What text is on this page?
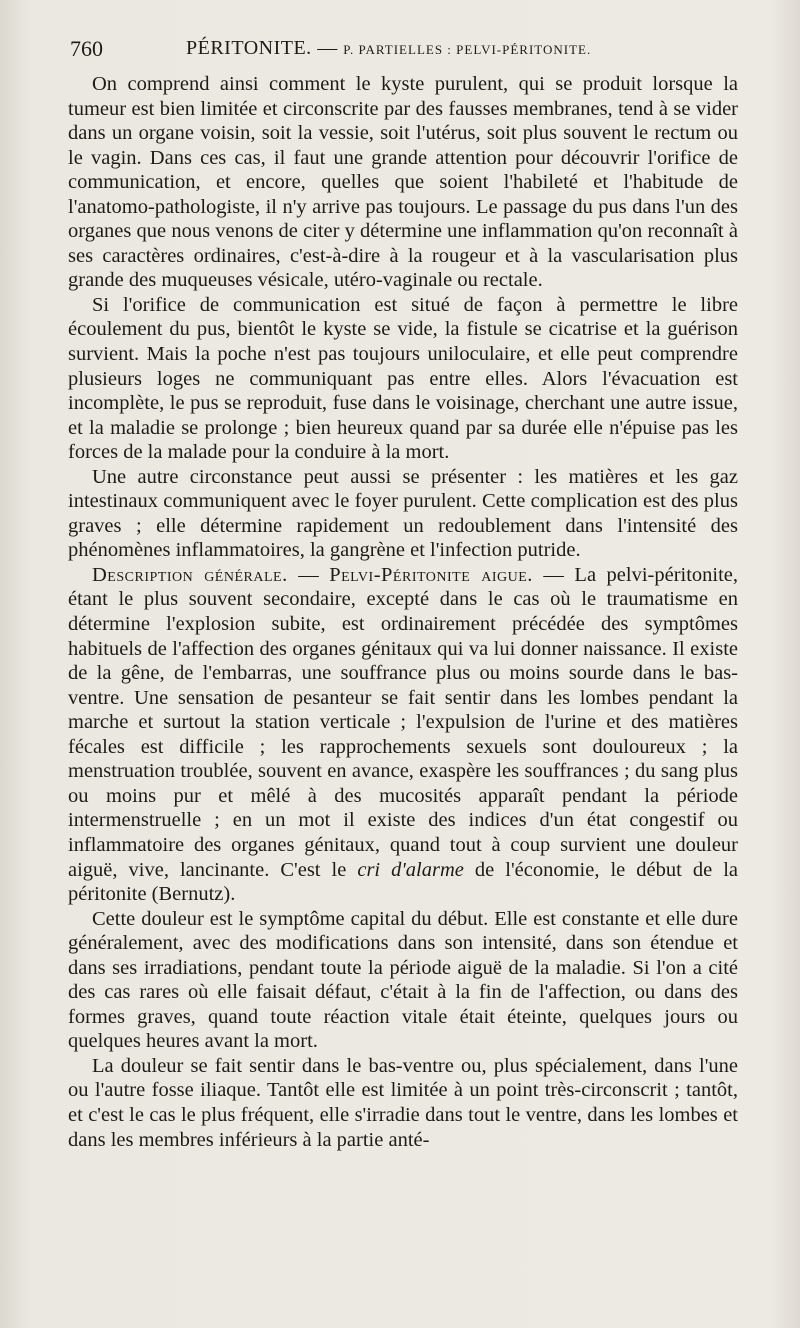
760	PÉRITONITE. — P. PARTIELLES : PELVI-PÉRITONITE.

On comprend ainsi comment le kyste purulent, qui se produit lorsque la tumeur est bien limitée et circonscrite par des fausses membranes, tend à se vider dans un organe voisin, soit la vessie, soit l'utérus, soit plus souvent le rectum ou le vagin. Dans ces cas, il faut une grande attention pour découvrir l'orifice de communication, et encore, quelles que soient l'habileté et l'habitude de l'anatomo-pathologiste, il n'y arrive pas toujours. Le passage du pus dans l'un des organes que nous venons de citer y détermine une inflammation qu'on reconnaît à ses caractères ordinaires, c'est-à-dire à la rougeur et à la vascularisation plus grande des muqueuses vésicale, utéro-vaginale ou rectale.

Si l'orifice de communication est situé de façon à permettre le libre écoulement du pus, bientôt le kyste se vide, la fistule se cicatrise et la guérison survient. Mais la poche n'est pas toujours uniloculaire, et elle peut comprendre plusieurs loges ne communiquant pas entre elles. Alors l'évacuation est incomplète, le pus se reproduit, fuse dans le voisinage, cherchant une autre issue, et la maladie se prolonge ; bien heureux quand par sa durée elle n'épuise pas les forces de la malade pour la conduire à la mort.

Une autre circonstance peut aussi se présenter : les matières et les gaz intestinaux communiquent avec le foyer purulent. Cette complication est des plus graves ; elle détermine rapidement un redoublement dans l'intensité des phénomènes inflammatoires, la gangrène et l'infection putride.

Description générale. — Pelvi-Péritonite aigue. — La pelvi-péritonite, étant le plus souvent secondaire, excepté dans le cas où le traumatisme en détermine l'explosion subite, est ordinairement précédée des symptômes habituels de l'affection des organes génitaux qui va lui donner naissance. Il existe de la gêne, de l'embarras, une souffrance plus ou moins sourde dans le bas-ventre. Une sensation de pesanteur se fait sentir dans les lombes pendant la marche et surtout la station verticale ; l'expulsion de l'urine et des matières fécales est difficile ; les rapprochements sexuels sont douloureux ; la menstruation troublée, souvent en avance, exaspère les souffrances ; du sang plus ou moins pur et mêlé à des mucosités apparaît pendant la période intermenstruelle ; en un mot il existe des indices d'un état congestif ou inflammatoire des organes génitaux, quand tout à coup survient une douleur aiguë, vive, lancinante. C'est le cri d'alarme de l'économie, le début de la péritonite (Bernutz).

Cette douleur est le symptôme capital du début. Elle est constante et elle dure généralement, avec des modifications dans son intensité, dans son étendue et dans ses irradiations, pendant toute la période aiguë de la maladie. Si l'on a cité des cas rares où elle faisait défaut, c'était à la fin de l'affection, ou dans des formes graves, quand toute réaction vitale était éteinte, quelques jours ou quelques heures avant la mort.

La douleur se fait sentir dans le bas-ventre ou, plus spécialement, dans l'une ou l'autre fosse iliaque. Tantôt elle est limitée à un point très-circonscrit ; tantôt, et c'est le cas le plus fréquent, elle s'irradie dans tout le ventre, dans les lombes et dans les membres inférieurs à la partie anté-
